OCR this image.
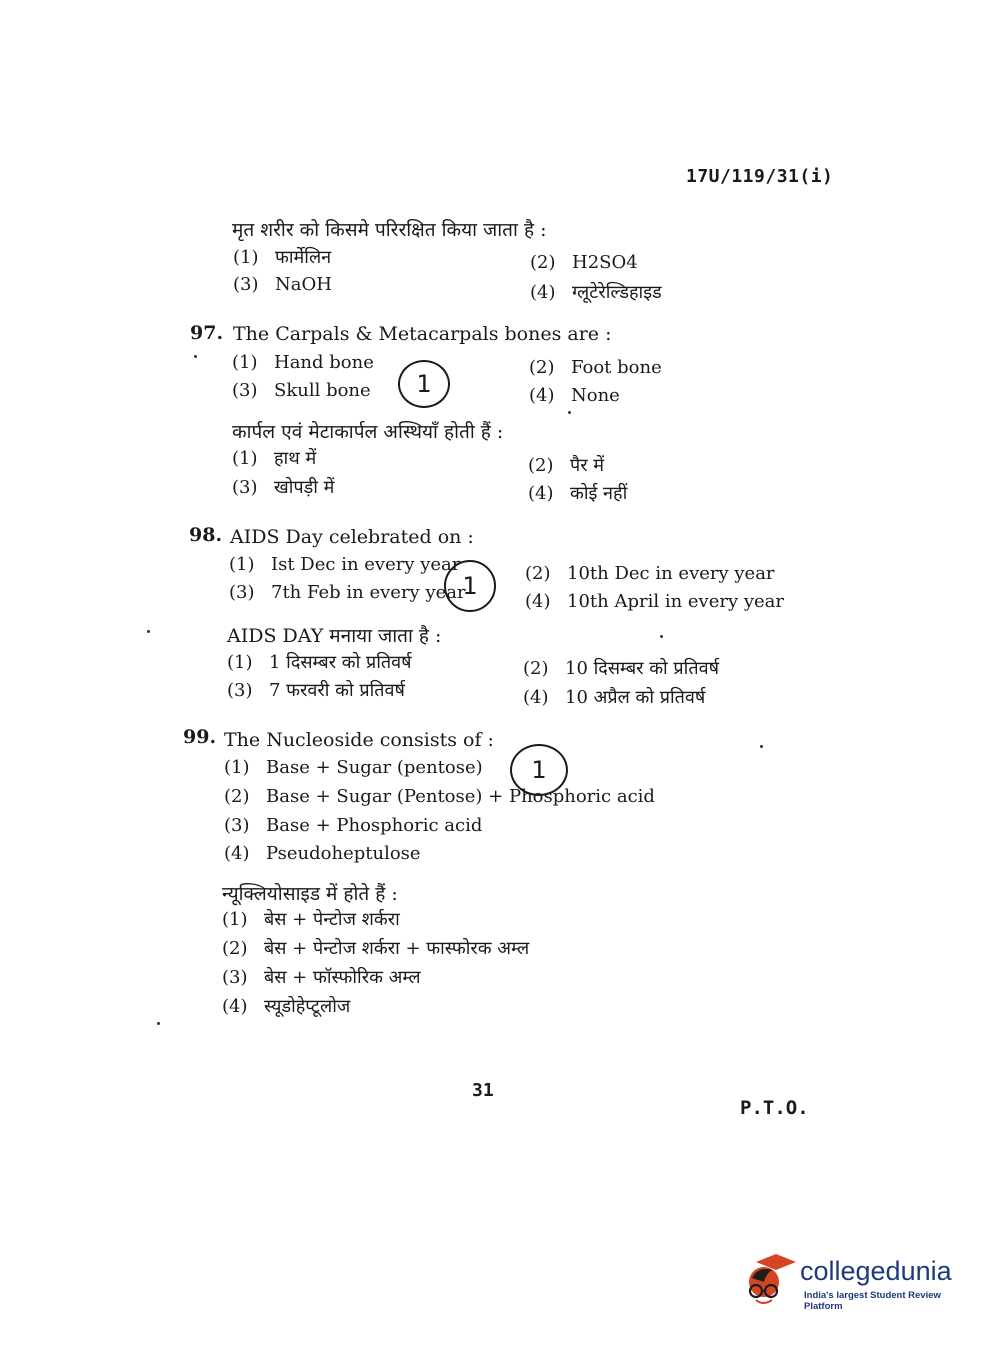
17U/119/31(i)
मृत शरीर को किसमे परिरक्षित किया जाता है :
(1) फार्मेलिन	(2) H2SO4
(3) NaOH	(4) ग्लूटेरेल्डिहाइड
97. The Carpals & Metacarpals bones are :
(1) Hand bone	(2) Foot bone
(3) Skull bone	(4) None
1
कार्पल एवं मेटाकार्पल अस्थियाँ होती हैं :
(1) हाथ में	(2) पैर में
(3) खोपड़ी में	(4) कोई नहीं
98. AIDS Day celebrated on :
(1) Ist Dec in every year	(2) 10th Dec in every year
(3) 7th Feb in every year	(4) 10th April in every year
1
AIDS DAY मनाया जाता है :
(1) 1 दिसम्बर को प्रतिवर्ष	(2) 10 दिसम्बर को प्रतिवर्ष
(3) 7 फरवरी को प्रतिवर्ष	(4) 10 अप्रैल को प्रतिवर्ष
99. The Nucleoside consists of :
(1) Base + Sugar (pentose)
(2) Base + Sugar (Pentose) + Phosphoric acid
(3) Base + Phosphoric acid
(4) Pseudoheptulose
1
न्यूक्लियोसाइड में होते हैं :
(1) बेस + पेन्टोज शर्करा
(2) बेस + पेन्टोज शर्करा + फास्फोरक अम्ल
(3) बेस + फॉस्फोरिक अम्ल
(4) स्यूडोहेप्टूलोज
31
P.T.O.
collegedunia
India's largest Student Review Platform
